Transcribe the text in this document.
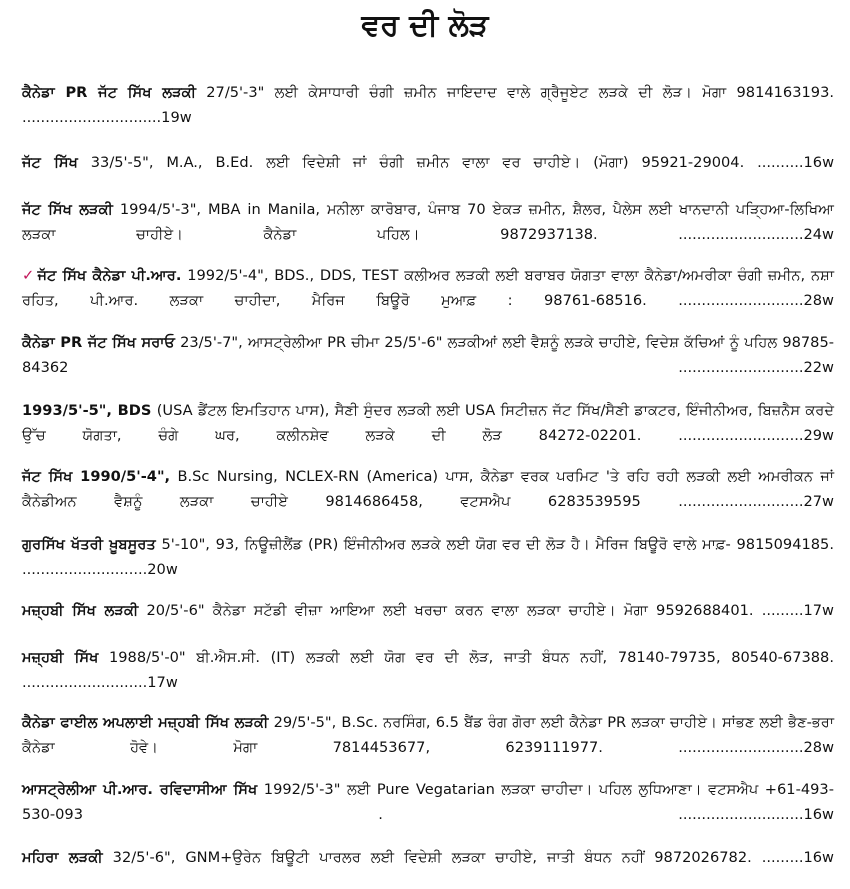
ਵਰ ਦੀ ਲੋੜ
ਕੈਨੇਡਾ PR ਜੱਟ ਸਿੱਖ ਲੜਕੀ 27/5'-3" ਲਈ ਕੇਸਾਧਾਰੀ ਚੰਗੀ ਜ਼ਮੀਨ ਜਾਇਦਾਦ ਵਾਲੇ ਗ੍ਰੈਜੂਏਟ ਲੜਕੇ ਦੀ ਲੋੜ। ਮੋਗਾ 9814163193. ..............................19w
ਜੱਟ ਸਿੱਖ 33/5'-5", M.A., B.Ed. ਲਈ ਵਿਦੇਸ਼ੀ ਜਾਂ ਚੰਗੀ ਜ਼ਮੀਨ ਵਾਲਾ ਵਰ ਚਾਹੀਏ। (ਮੋਗਾ) 95921-29004. ..........16w
ਜੱਟ ਸਿੱਖ ਲੜਕੀ 1994/5'-3", MBA in Manila, ਮਨੀਲਾ ਕਾਰੋਬਾਰ, ਪੰਜਾਬ 70 ਏਕੜ ਜ਼ਮੀਨ, ਸ਼ੈਲਰ, ਪੈਲੇਸ ਲਈ ਖਾਨਦਾਨੀ ਪੜ੍ਹਿਆ-ਲਿਖਿਆ ਲੜਕਾ ਚਾਹੀਏ। ਕੈਨੇਡਾ ਪਹਿਲ। 9872937138. ...........................24w
✓ ਜੱਟ ਸਿੱਖ ਕੈਨੇਡਾ ਪੀ.ਆਰ. 1992/5'-4", BDS., DDS, TEST ਕਲੀਅਰ ਲੜਕੀ ਲਈ ਬਰਾਬਰ ਯੋਗਤਾ ਵਾਲਾ ਕੈਨੇਡਾ/ਅਮਰੀਕਾ ਚੰਗੀ ਜ਼ਮੀਨ, ਨਸ਼ਾ ਰਹਿਤ, ਪੀ.ਆਰ. ਲੜਕਾ ਚਾਹੀਦਾ, ਮੈਰਿਜ ਬਿਊਰੋ ਮੁਆਫ਼ : 98761-68516. ...........................28w
ਕੈਨੇਡਾ PR ਜੱਟ ਸਿੱਖ ਸਰਾਓ 23/5'-7", ਆਸਟ੍ਰੇਲੀਆ PR ਚੀਮਾ 25/5'-6" ਲੜਕੀਆਂ ਲਈ ਵੈਸ਼ਨੂੰ ਲੜਕੇ ਚਾਹੀਏ, ਵਿਦੇਸ਼ ਕੱਚਿਆਂ ਨੂੰ ਪਹਿਲ 98785-84362 ...........................22w
1993/5'-5", BDS (USA ਡੈਂਟਲ ਇਮਤਿਹਾਨ ਪਾਸ), ਸੈਣੀ ਸੁੰਦਰ ਲੜਕੀ ਲਈ USA ਸਿਟੀਜ਼ਨ ਜੱਟ ਸਿੱਖ/ਸੈਣੀ ਡਾਕਟਰ, ਇੰਜੀਨੀਅਰ, ਬਿਜ਼ਨੈਸ ਕਰਦੇ ਉੱਚ ਯੋਗਤਾ, ਚੰਗੇ ਘਰ, ਕਲੀਨਸ਼ੇਵ ਲੜਕੇ ਦੀ ਲੋੜ 84272-02201. ...........................29w
ਜੱਟ ਸਿੱਖ 1990/5'-4", B.Sc Nursing, NCLEX-RN (America) ਪਾਸ, ਕੈਨੇਡਾ ਵਰਕ ਪਰਮਿਟ 'ਤੇ ਰਹਿ ਰਹੀ ਲੜਕੀ ਲਈ ਅਮਰੀਕਨ ਜਾਂ ਕੈਨੇਡੀਅਨ ਵੈਸ਼ਨੂੰ ਲੜਕਾ ਚਾਹੀਏ 9814686458, ਵਟਸਐਪ 6283539595 ...........................27w
ਗੁਰਸਿੱਖ ਖੱਤਰੀ ਖ਼ੂਬਸੂਰਤ 5'-10", 93, ਨਿਊਜ਼ੀਲੈਂਡ (PR) ਇੰਜੀਨੀਅਰ ਲੜਕੇ ਲਈ ਯੋਗ ਵਰ ਦੀ ਲੋੜ ਹੈ। ਮੈਰਿਜ ਬਿਊਰੋ ਵਾਲੇ ਮਾਫ਼- 9815094185. ...........................20w
ਮਜ਼੍ਹਬੀ ਸਿੱਖ ਲੜਕੀ 20/5'-6" ਕੈਨੇਡਾ ਸਟੱਡੀ ਵੀਜ਼ਾ ਆਇਆ ਲਈ ਖਰਚਾ ਕਰਨ ਵਾਲਾ ਲੜਕਾ ਚਾਹੀਏ। ਮੋਗਾ 9592688401. .........17w
ਮਜ਼੍ਹਬੀ ਸਿੱਖ 1988/5'-0" ਬੀ.ਐਸ.ਸੀ. (IT) ਲੜਕੀ ਲਈ ਯੋਗ ਵਰ ਦੀ ਲੋੜ, ਜਾਤੀ ਬੰਧਨ ਨਹੀਂ, 78140-79735, 80540-67388. ...........................17w
ਕੈਨੇਡਾ ਫਾਈਲ ਅਪਲਾਈ ਮਜ਼੍ਹਬੀ ਸਿੱਖ ਲੜਕੀ 29/5'-5", B.Sc. ਨਰਸਿੰਗ, 6.5 ਬੈਂਡ ਰੰਗ ਗੋਰਾ ਲਈ ਕੈਨੇਡਾ PR ਲੜਕਾ ਚਾਹੀਏ। ਸਾਂਭਣ ਲਈ ਭੈਣ-ਭਰਾ ਕੈਨੇਡਾ ਹੋਵੇ। ਮੋਗਾ 7814453677, 6239111977. ...........................28w
ਆਸਟ੍ਰੇਲੀਆ ਪੀ.ਆਰ. ਰਵਿਦਾਸੀਆ ਸਿੱਖ 1992/5'-3" ਲਈ Pure Vegatarian ਲੜਕਾ ਚਾਹੀਦਾ। ਪਹਿਲ ਲੁਧਿਆਣਾ। ਵਟਸਐਪ +61-493-530-093 . ...........................16w
ਮਹਿਰਾ ਲੜਕੀ 32/5'-6", GNM+ਉਰੇਨ ਬਿਊਟੀ ਪਾਰਲਰ ਲਈ ਵਿਦੇਸ਼ੀ ਲੜਕਾ ਚਾਹੀਏ, ਜਾਤੀ ਬੰਧਨ ਨਹੀਂ 9872026782. .........16w
